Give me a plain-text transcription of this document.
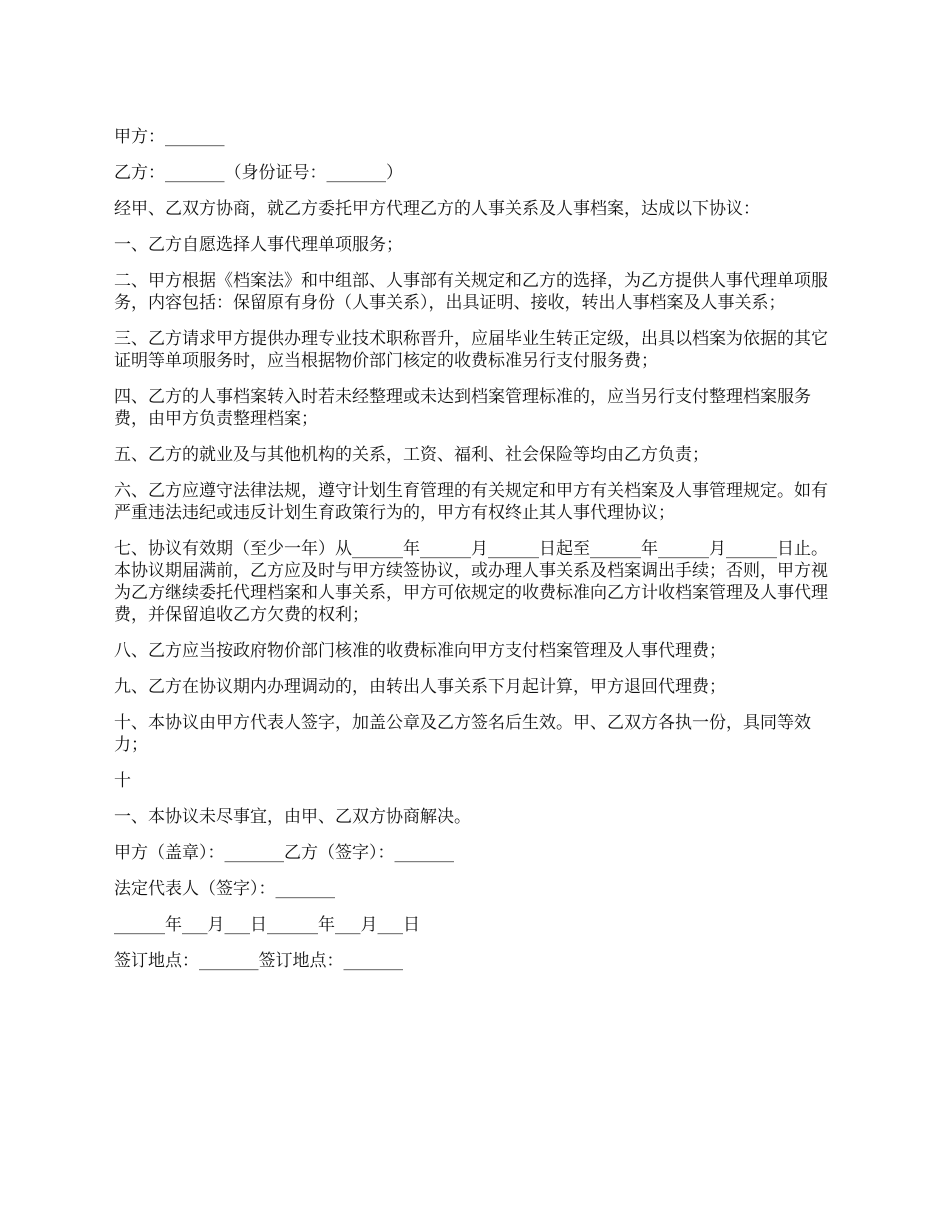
甲方：_______

乙方：_______（身份证号：_______）

经甲、乙双方协商，就乙方委托甲方代理乙方的人事关系及人事档案，达成以下协议：

一、乙方自愿选择人事代理单项服务；

二、甲方根据《档案法》和中组部、人事部有关规定和乙方的选择，为乙方提供人事代理单项服务，内容包括：保留原有身份（人事关系），出具证明、接收，转出人事档案及人事关系；

三、乙方请求甲方提供办理专业技术职称晋升，应届毕业生转正定级，出具以档案为依据的其它证明等单项服务时，应当根据物价部门核定的收费标准另行支付服务费；

四、乙方的人事档案转入时若未经整理或未达到档案管理标准的，应当另行支付整理档案服务费，由甲方负责整理档案；

五、乙方的就业及与其他机构的关系，工资、福利、社会保险等均由乙方负责；

六、乙方应遵守法律法规，遵守计划生育管理的有关规定和甲方有关档案及人事管理规定。如有严重违法违纪或违反计划生育政策行为的，甲方有权终止其人事代理协议；

七、协议有效期（至少一年）从______年______月______日起至______年______月______日止。本协议期届满前，乙方应及时与甲方续签协议，或办理人事关系及档案调出手续；否则，甲方视为乙方继续委托代理档案和人事关系，甲方可依规定的收费标准向乙方计收档案管理及人事代理费，并保留追收乙方欠费的权利；

八、乙方应当按政府物价部门核准的收费标准向甲方支付档案管理及人事代理费；

九、乙方在协议期内办理调动的，由转出人事关系下月起计算，甲方退回代理费；

十、本协议由甲方代表人签字，加盖公章及乙方签名后生效。甲、乙双方各执一份，具同等效力；

十

一、本协议未尽事宜，由甲、乙双方协商解决。

甲方（盖章）：_______乙方（签字）：_______

法定代表人（签字）：_______

______年___月___日______年___月___日

签订地点：_______签订地点：_______
